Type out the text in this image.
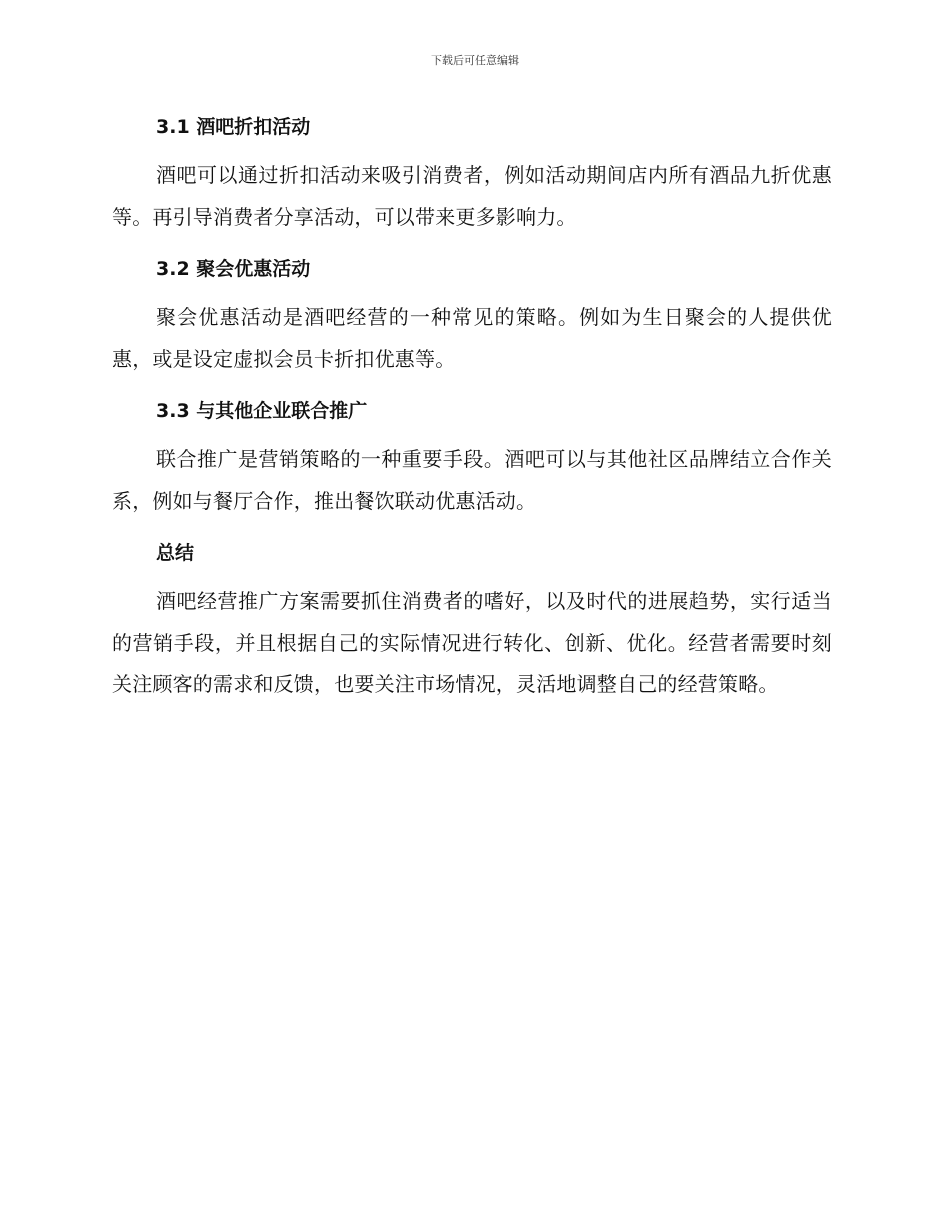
下载后可任意编辑
3.1 酒吧折扣活动

酒吧可以通过折扣活动来吸引消费者，例如活动期间店内所有酒品九折优惠等。再引导消费者分享活动，可以带来更多影响力。

3.2 聚会优惠活动

聚会优惠活动是酒吧经营的一种常见的策略。例如为生日聚会的人提供优惠，或是设定虚拟会员卡折扣优惠等。

3.3 与其他企业联合推广

联合推广是营销策略的一种重要手段。酒吧可以与其他社区品牌结立合作关系，例如与餐厅合作，推出餐饮联动优惠活动。

总结

酒吧经营推广方案需要抓住消费者的嗜好，以及时代的进展趋势，实行适当的营销手段，并且根据自己的实际情况进行转化、创新、优化。经营者需要时刻关注顾客的需求和反馈，也要关注市场情况，灵活地调整自己的经营策略。
